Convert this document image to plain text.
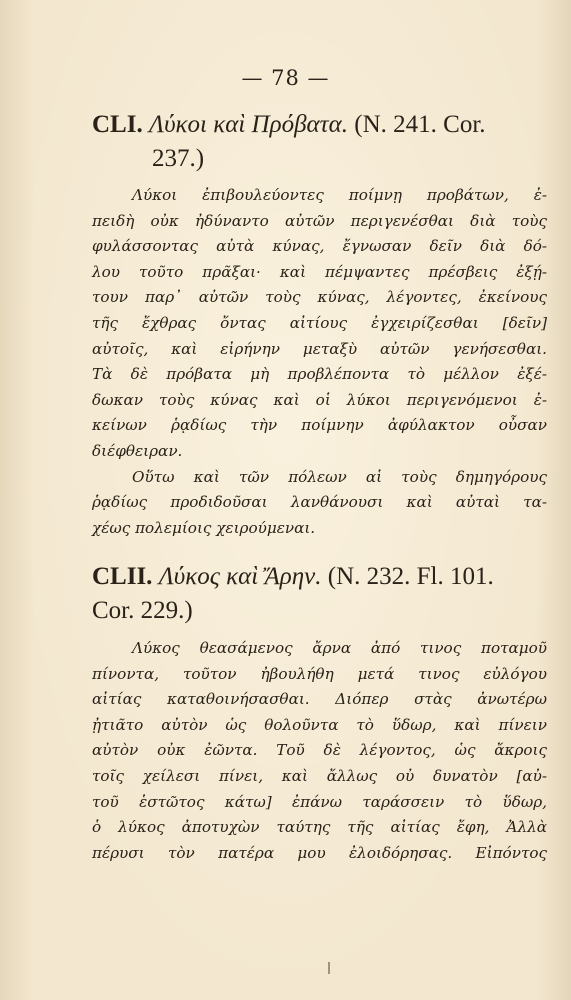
— 78 —

CLI. Λύκοι καὶ Πρόβατα. (N. 241. Cor.
237.)

Λύκοι ἐπιβουλεύοντες ποίμνῃ προβάτων, ἐ-
πειδὴ οὐκ ἠδύναντο αὐτῶν περιγενέσθαι διὰ τοὺς
φυλάσσοντας αὐτὰ κύνας, ἔγνωσαν δεῖν διὰ δό-
λου τοῦτο πρᾶξαι· καὶ πέμψαντες πρέσβεις ἐξῄ-
τουν παρ᾽ αὐτῶν τοὺς κύνας, λέγοντες, ἐκείνους
τῆς ἔχθρας ὄντας αἰτίους ἐγχειρίζεσθαι [δεῖν]
αὐτοῖς, καὶ εἰρήνην μεταξὺ αὐτῶν γενήσεσθαι.
Τὰ δὲ πρόβατα μὴ προβλέποντα τὸ μέλλον ἐξέ-
δωκαν τοὺς κύνας καὶ οἱ λύκοι περιγενόμενοι ἐ-
κείνων ῥᾳδίως τὴν ποίμνην ἀφύλακτον οὖσαν
διέφθειραν.

Οὕτω καὶ τῶν πόλεων αἱ τοὺς δημηγόρους
ῥᾳδίως προδιδοῦσαι λανθάνουσι καὶ αὐταὶ τα-
χέως πολεμίοις χειρούμεναι.

CLII. Λύκος καὶ Ἄρην. (N. 232. Fl. 101.
Cor. 229.)

Λύκος θεασάμενος ἄρνα ἀπό τινος ποταμοῦ
πίνοντα, τοῦτον ἠβουλήθη μετά τινος εὐλόγου
αἰτίας καταθοινήσασθαι. Διόπερ στὰς ἀνωτέρω
ᾐτιᾶτο αὐτὸν ὡς θολοῦντα τὸ ὕδωρ, καὶ πίνειν
αὐτὸν οὐκ ἐῶντα. Τοῦ δὲ λέγοντος, ὡς ἄκροις
τοῖς χείλεσι πίνει, καὶ ἄλλως οὐ δυνατὸν [αὐ-
τοῦ ἑστῶτος κάτω] ἐπάνω ταράσσειν τὸ ὕδωρ,
ὁ λύκος ἀποτυχὼν ταύτης τῆς αἰτίας ἔφη, Ἀλλὰ
πέρυσι τὸν πατέρα μου ἐλοιδόρησας. Εἰπόντος
